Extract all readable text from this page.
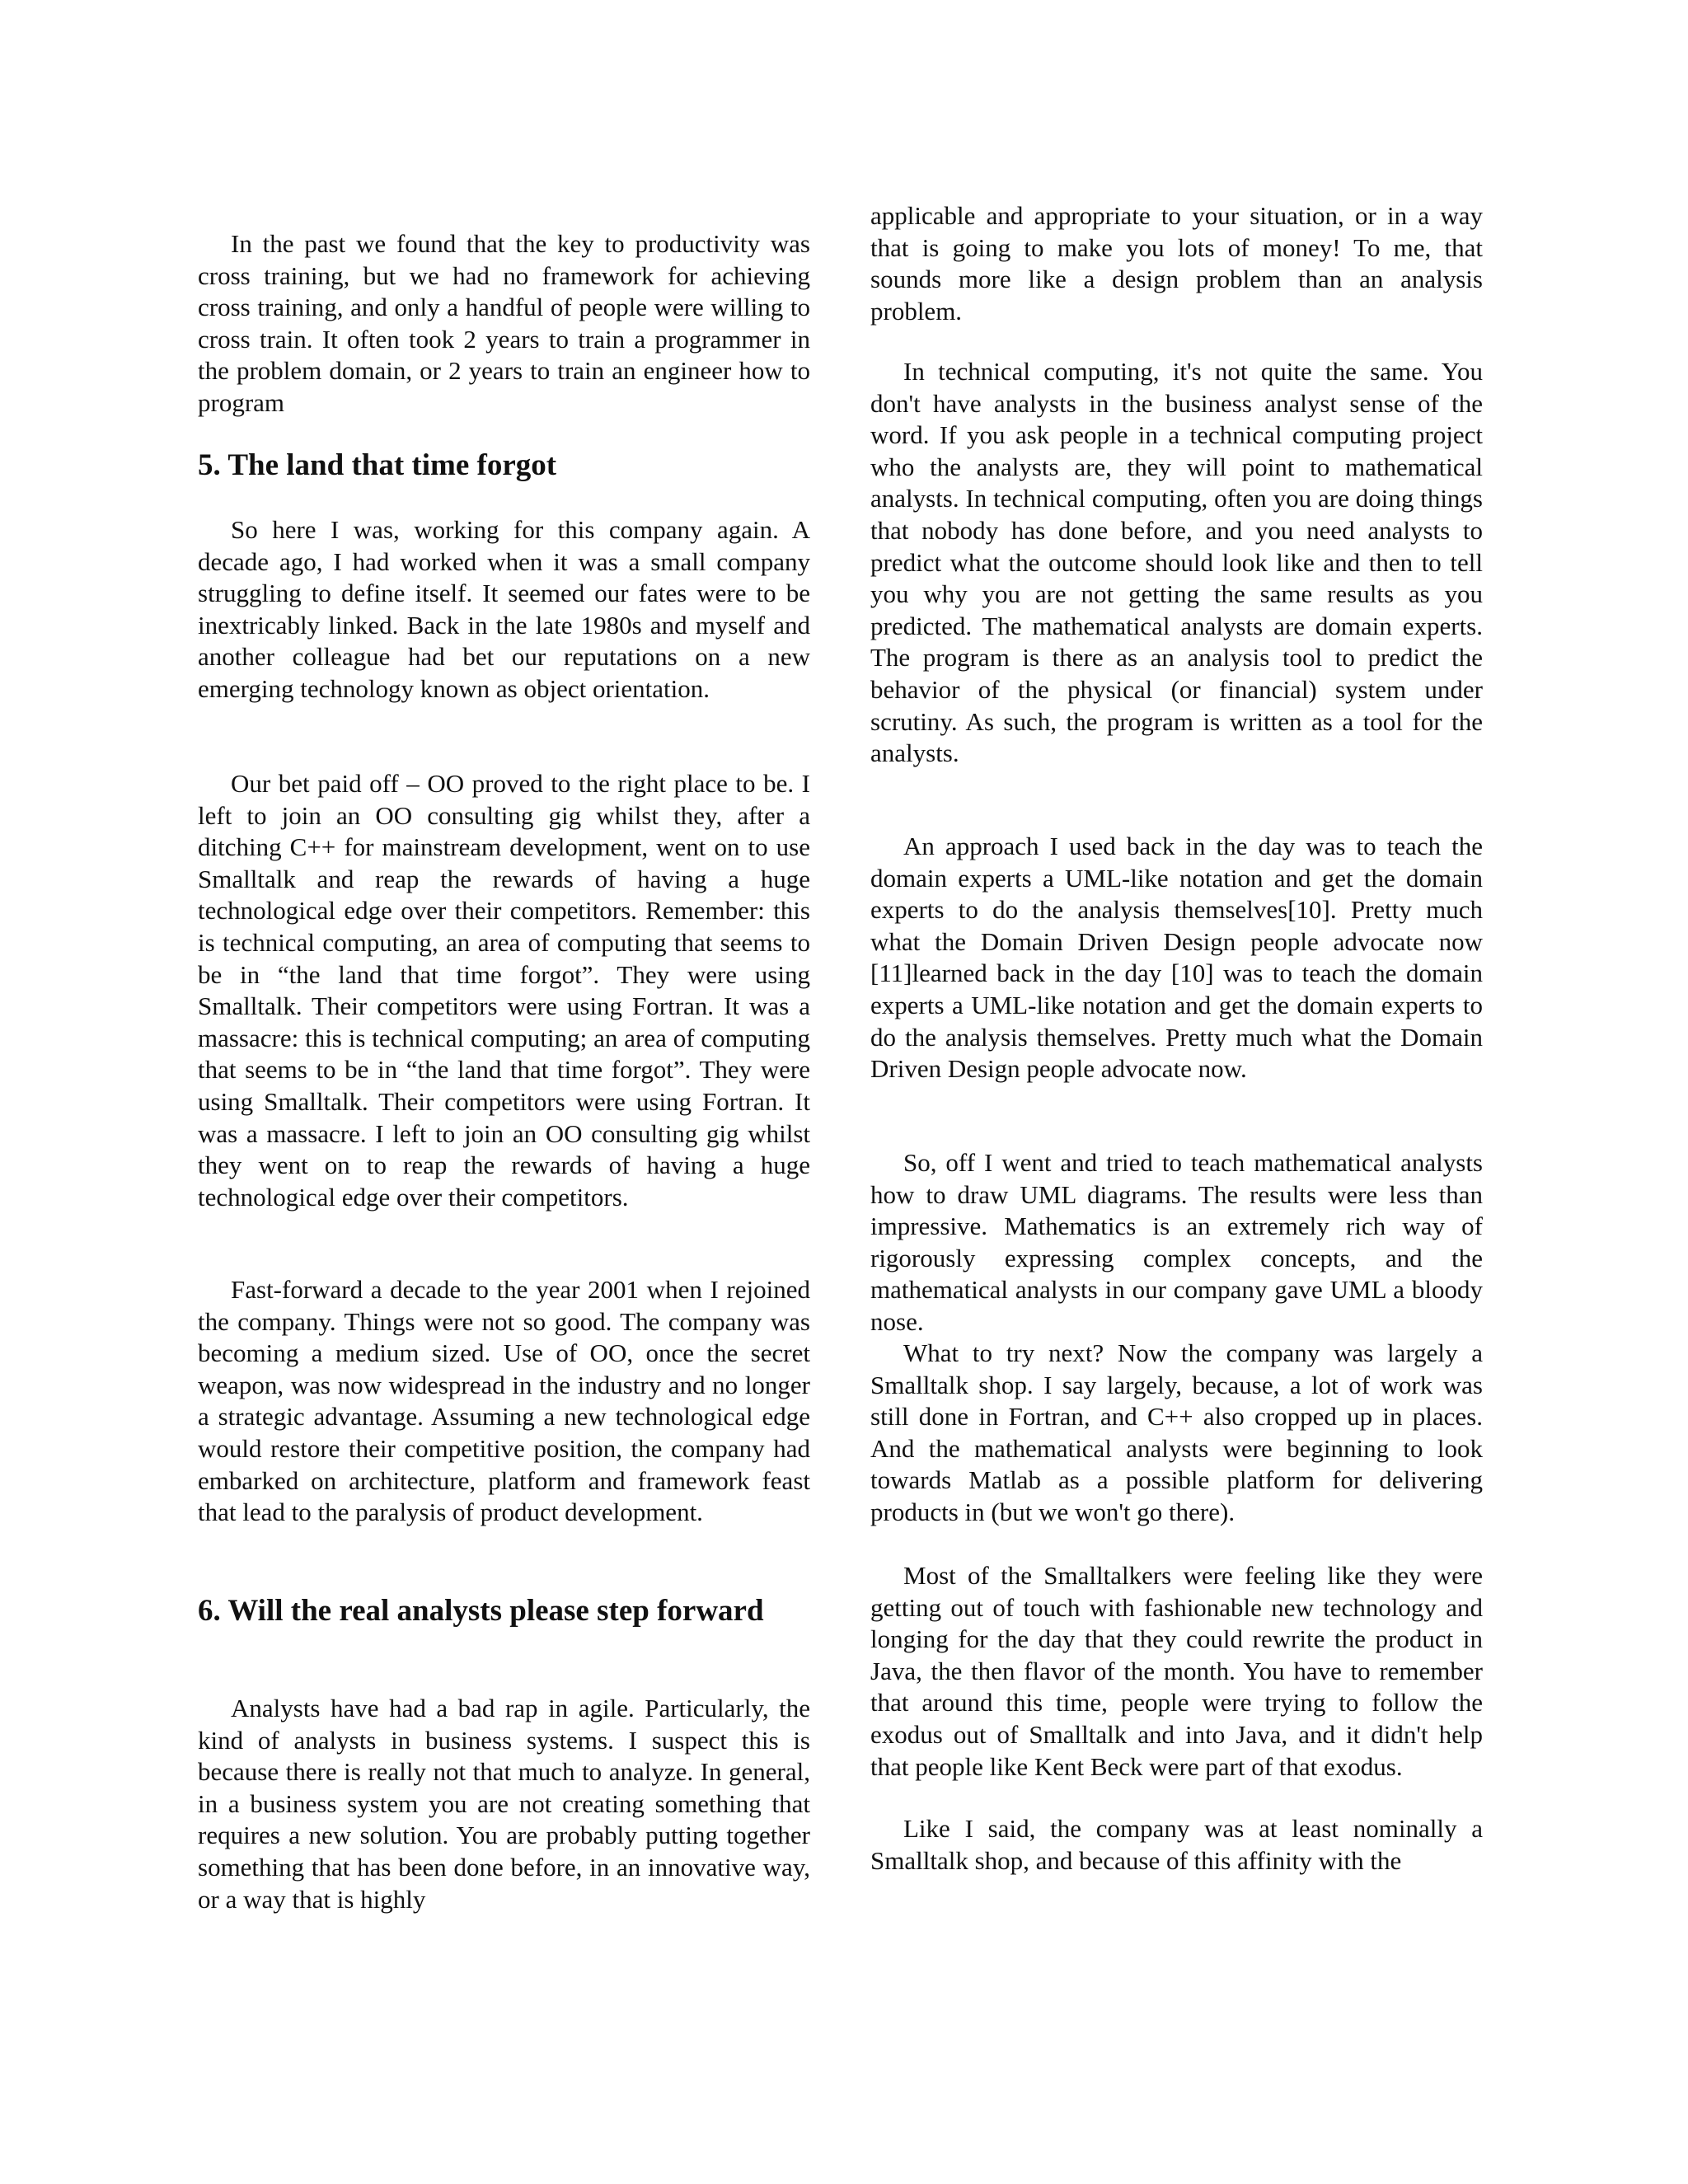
In the past we found that the key to productivity was cross training, but we had no framework for achieving cross training, and only a handful of people were willing to cross train. It often took 2 years to train a programmer in the problem domain, or 2 years to train an engineer how to program

5. The land that time forgot

So here I was, working for this company again. A decade ago, I had worked when it was a small company struggling to define itself. It seemed our fates were to be inextricably linked. Back in the late 1980s and myself and another colleague had bet our reputations on a new emerging technology known as object orientation.

Our bet paid off – OO proved to the right place to be. I left to join an OO consulting gig whilst they, after a ditching C++ for mainstream development, went on to use Smalltalk and reap the rewards of having a huge technological edge over their competitors. Remember: this is technical computing, an area of computing that seems to be in “the land that time forgot”. They were using Smalltalk. Their competitors were using Fortran. It was a massacre: this is technical computing; an area of computing that seems to be in “the land that time forgot”. They were using Smalltalk. Their competitors were using Fortran. It was a massacre. I left to join an OO consulting gig whilst they went on to reap the rewards of having a huge technological edge over their competitors.

Fast-forward a decade to the year 2001 when I rejoined the company. Things were not so good. The company was becoming a medium sized. Use of OO, once the secret weapon, was now widespread in the industry and no longer a strategic advantage. Assuming a new technological edge would restore their competitive position, the company had embarked on architecture, platform and framework feast that lead to the paralysis of product development.

6. Will the real analysts please step forward

Analysts have had a bad rap in agile. Particularly, the kind of analysts in business systems. I suspect this is because there is really not that much to analyze. In general, in a business system you are not creating something that requires a new solution. You are probably putting together something that has been done before, in an innovative way, or a way that is highly

applicable and appropriate to your situation, or in a way that is going to make you lots of money! To me, that sounds more like a design problem than an analysis problem.

In technical computing, it's not quite the same. You don't have analysts in the business analyst sense of the word. If you ask people in a technical computing project who the analysts are, they will point to mathematical analysts. In technical computing, often you are doing things that nobody has done before, and you need analysts to predict what the outcome should look like and then to tell you why you are not getting the same results as you predicted. The mathematical analysts are domain experts. The program is there as an analysis tool to predict the behavior of the physical (or financial) system under scrutiny. As such, the program is written as a tool for the analysts.

An approach I used back in the day was to teach the domain experts a UML-like notation and get the domain experts to do the analysis themselves[10]. Pretty much what the Domain Driven Design people advocate now [11]learned back in the day [10] was to teach the domain experts a UML-like notation and get the domain experts to do the analysis themselves. Pretty much what the Domain Driven Design people advocate now.

So, off I went and tried to teach mathematical analysts how to draw UML diagrams. The results were less than impressive. Mathematics is an extremely rich way of rigorously expressing complex concepts, and the mathematical analysts in our company gave UML a bloody nose.

What to try next? Now the company was largely a Smalltalk shop. I say largely, because, a lot of work was still done in Fortran, and C++ also cropped up in places. And the mathematical analysts were beginning to look towards Matlab as a possible platform for delivering products in (but we won't go there).

Most of the Smalltalkers were feeling like they were getting out of touch with fashionable new technology and longing for the day that they could rewrite the product in Java, the then flavor of the month. You have to remember that around this time, people were trying to follow the exodus out of Smalltalk and into Java, and it didn't help that people like Kent Beck were part of that exodus.

Like I said, the company was at least nominally a Smalltalk shop, and because of this affinity with the
